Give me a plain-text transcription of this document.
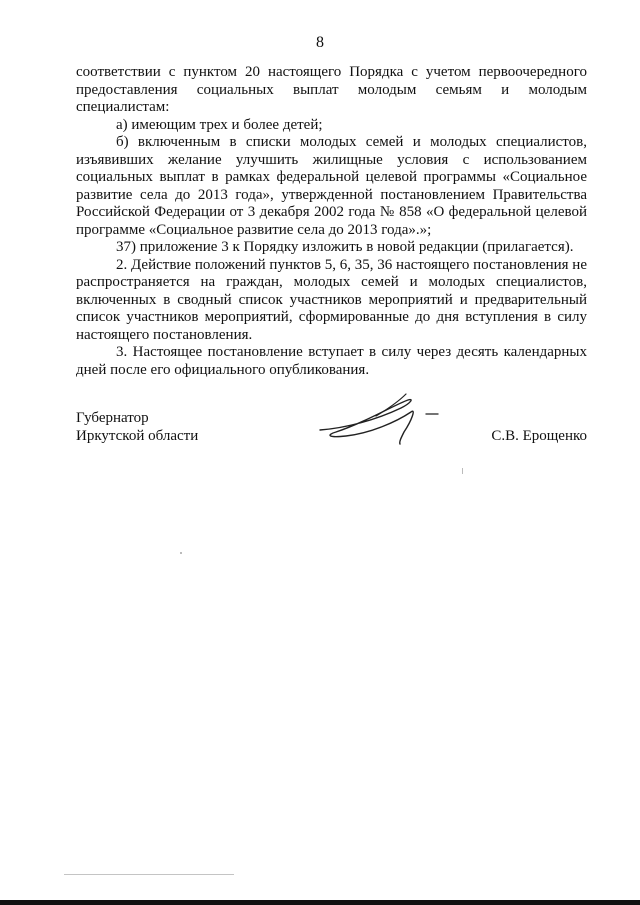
8

соответствии с пунктом 20 настоящего Порядка с учетом первоочередного предоставления социальных выплат молодым семьям и молодым специалистам:

а) имеющим трех и более детей;

б) включенным в списки молодых семей и молодых специалистов, изъявивших желание улучшить жилищные условия с использованием социальных выплат в рамках федеральной целевой программы «Социальное развитие села до 2013 года», утвержденной постановлением Правительства Российской Федерации от 3 декабря 2002 года № 858 «О федеральной целевой программе «Социальное развитие села до 2013 года».»;

37) приложение 3 к Порядку изложить в новой редакции (прилагается).

2. Действие положений пунктов 5, 6, 35, 36 настоящего постановления не распространяется на граждан, молодых семей и молодых специалистов, включенных в сводный список участников мероприятий и предварительный список участников мероприятий, сформированные до дня вступления в силу настоящего постановления.

3. Настоящее постановление вступает в силу через десять календарных дней после его официального опубликования.

Губернатор
Иркутской области	С.В. Ерощенко
